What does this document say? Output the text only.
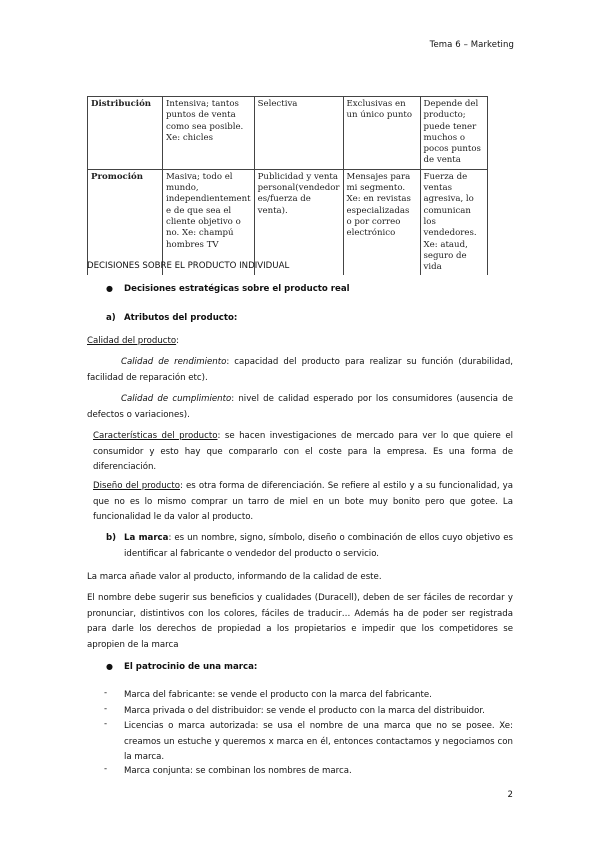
Tema 6 – Marketing
Distribución	Intensiva; tantos puntos de venta como sea posible. Xe: chicles	Selectiva	Exclusivas en un único punto	Depende del producto; puede tener muchos o pocos puntos de venta
Promoción	Masiva; todo el mundo, independientement e de que sea el cliente objetivo o no. Xe: champú hombres TV	Publicidad y venta personal(vendedor es/fuerza de venta).	Mensajes para mi segmento. Xe: en revistas especializadas o por correo electrónico	Fuerza de ventas agresiva, lo comunican los vendedores. Xe: ataud, seguro de vida
DECISIONES SOBRE EL PRODUCTO INDIVIDUAL
● Decisiones estratégicas sobre el producto real
a) Atributos del producto:
Calidad del producto:
Calidad de rendimiento: capacidad del producto para realizar su función (durabilidad, facilidad de reparación etc).
Calidad de cumplimiento: nivel de calidad esperado por los consumidores (ausencia de defectos o variaciones).
Características del producto: se hacen investigaciones de mercado para ver lo que quiere el consumidor y esto hay que compararlo con el coste para la empresa. Es una forma de diferenciación.
Diseño del producto: es otra forma de diferenciación. Se refiere al estilo y a su funcionalidad, ya que no es lo mismo comprar un tarro de miel en un bote muy bonito pero que gotee. La funcionalidad le da valor al producto.
b) La marca: es un nombre, signo, símbolo, diseño o combinación de ellos cuyo objetivo es identificar al fabricante o vendedor del producto o servicio.
La marca añade valor al producto, informando de la calidad de este.
El nombre debe sugerir sus beneficios y cualidades (Duracell), deben de ser fáciles de recordar y pronunciar, distintivos con los colores, fáciles de traducir… Además ha de poder ser registrada para darle los derechos de propiedad a los propietarios e impedir que los competidores se apropien de la marca
● El patrocinio de una marca:
- Marca del fabricante: se vende el producto con la marca del fabricante.
- Marca privada o del distribuidor: se vende el producto con la marca del distribuidor.
- Licencias o marca autorizada: se usa el nombre de una marca que no se posee. Xe: creamos un estuche y queremos x marca en él, entonces contactamos y negociamos con la marca.
- Marca conjunta: se combinan los nombres de marca.
2
